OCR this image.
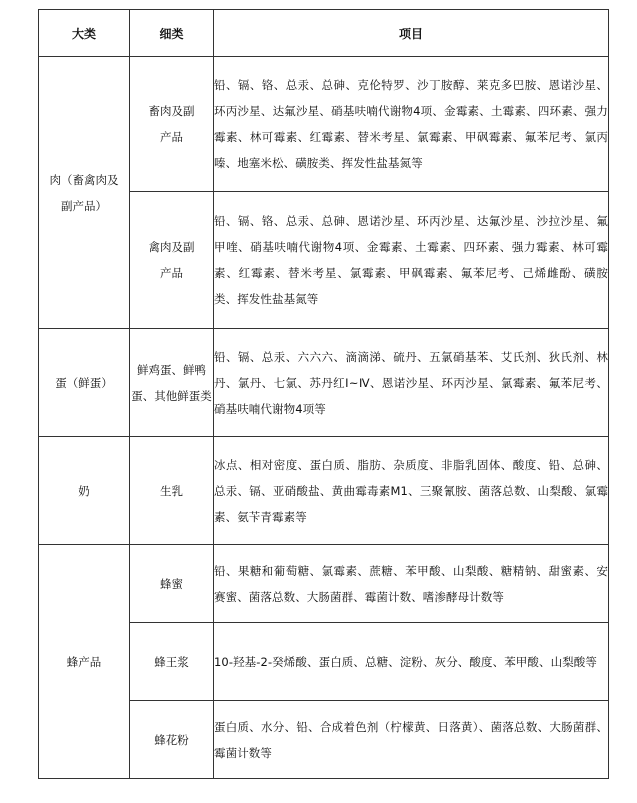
大类	细类	项目
肉（畜禽肉及副产品）	畜肉及副产品	铅、镉、铬、总汞、总砷、克伦特罗、沙丁胺醇、莱克多巴胺、恩诺沙星、环丙沙星、达氟沙星、硝基呋喃代谢物4项、金霉素、土霉素、四环素、强力霉素、林可霉素、红霉素、替米考星、氯霉素、甲砜霉素、氟苯尼考、氯丙嗪、地塞米松、磺胺类、挥发性盐基氮等
	禽肉及副产品	铅、镉、铬、总汞、总砷、恩诺沙星、环丙沙星、达氟沙星、沙拉沙星、氟甲喹、硝基呋喃代谢物4项、金霉素、土霉素、四环素、强力霉素、林可霉素、红霉素、替米考星、氯霉素、甲砜霉素、氟苯尼考、己烯雌酚、磺胺类、挥发性盐基氮等
蛋（鲜蛋）	鲜鸡蛋、鲜鸭蛋、其他鲜蛋类	铅、镉、总汞、六六六、滴滴涕、硫丹、五氯硝基苯、艾氏剂、狄氏剂、林丹、氯丹、七氯、苏丹红Ⅰ~Ⅳ、恩诺沙星、环丙沙星、氯霉素、氟苯尼考、硝基呋喃代谢物4项等
奶	生乳	冰点、相对密度、蛋白质、脂肪、杂质度、非脂乳固体、酸度、铅、总砷、总汞、镉、亚硝酸盐、黄曲霉毒素M1、三聚氰胺、菌落总数、山梨酸、氯霉素、氨苄青霉素等
蜂产品	蜂蜜	铅、果糖和葡萄糖、氯霉素、蔗糖、苯甲酸、山梨酸、糖精钠、甜蜜素、安赛蜜、菌落总数、大肠菌群、霉菌计数、嗜渗酵母计数等
	蜂王浆	10-羟基-2-癸烯酸、蛋白质、总糖、淀粉、灰分、酸度、苯甲酸、山梨酸等
	蜂花粉	蛋白质、水分、铅、合成着色剂（柠檬黄、日落黄）、菌落总数、大肠菌群、霉菌计数等
